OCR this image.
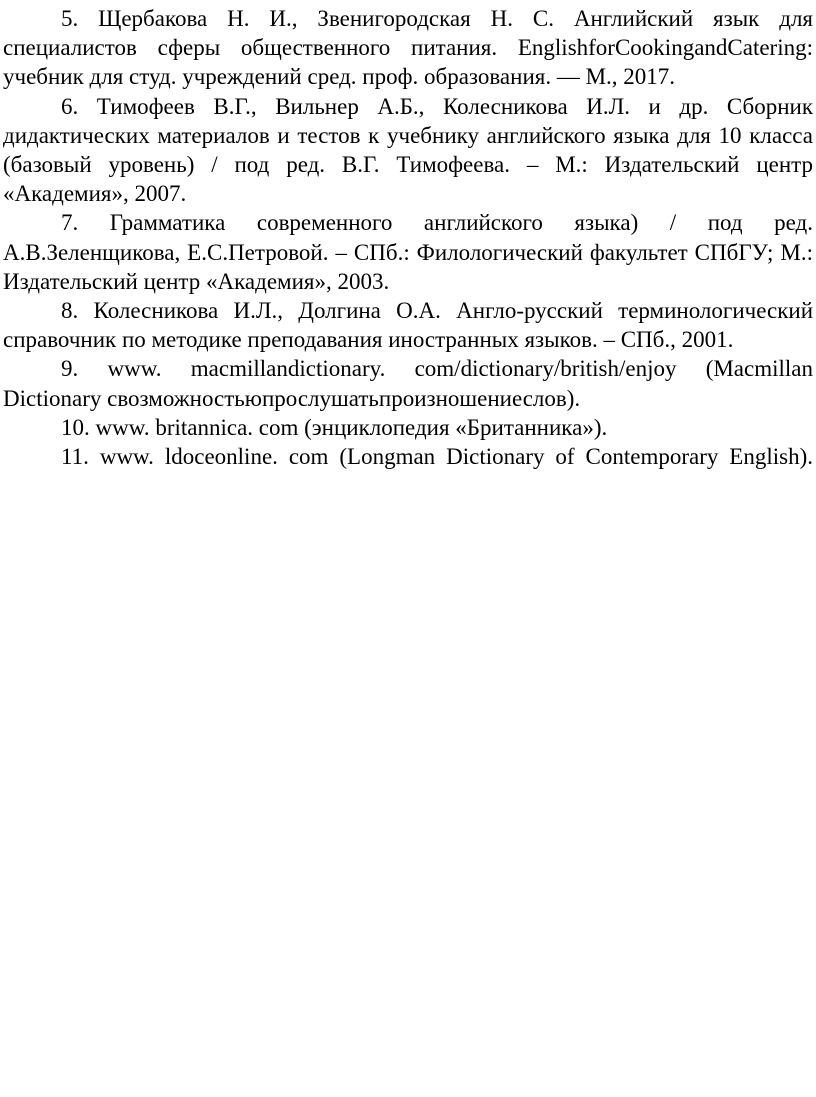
5. Щербакова Н. И., Звенигородская Н. С. Английский язык для специалистов сферы общественного питания. EnglishforCookingandCatering: учебник для студ. учреждений сред. проф. образования. — М., 2017.
6. Тимофеев В.Г., Вильнер А.Б., Колесникова И.Л. и др. Сборник дидактических материалов и тестов к учебнику английского языка для 10 класса (базовый уровень) / под ред. В.Г. Тимофеева. – М.: Издательский центр «Академия», 2007.
7. Грамматика современного английского языка) / под ред. А.В.Зеленщикова, Е.С.Петровой. – СПб.: Филологический факультет СПбГУ; М.: Издательский центр «Академия», 2003.
8. Колесникова И.Л., Долгина О.А. Англо-русский терминологический справочник по методике преподавания иностранных языков. – СПб., 2001.
9. www. macmillandictionary. com/dictionary/british/enjoy (Macmillan Dictionary свозможностьюпрослушатьпроизношениеслов).
10. www. britannica. com (энциклопедия «Британника»).
11. www. ldoceonline. com (Longman Dictionary of Contemporary English).
